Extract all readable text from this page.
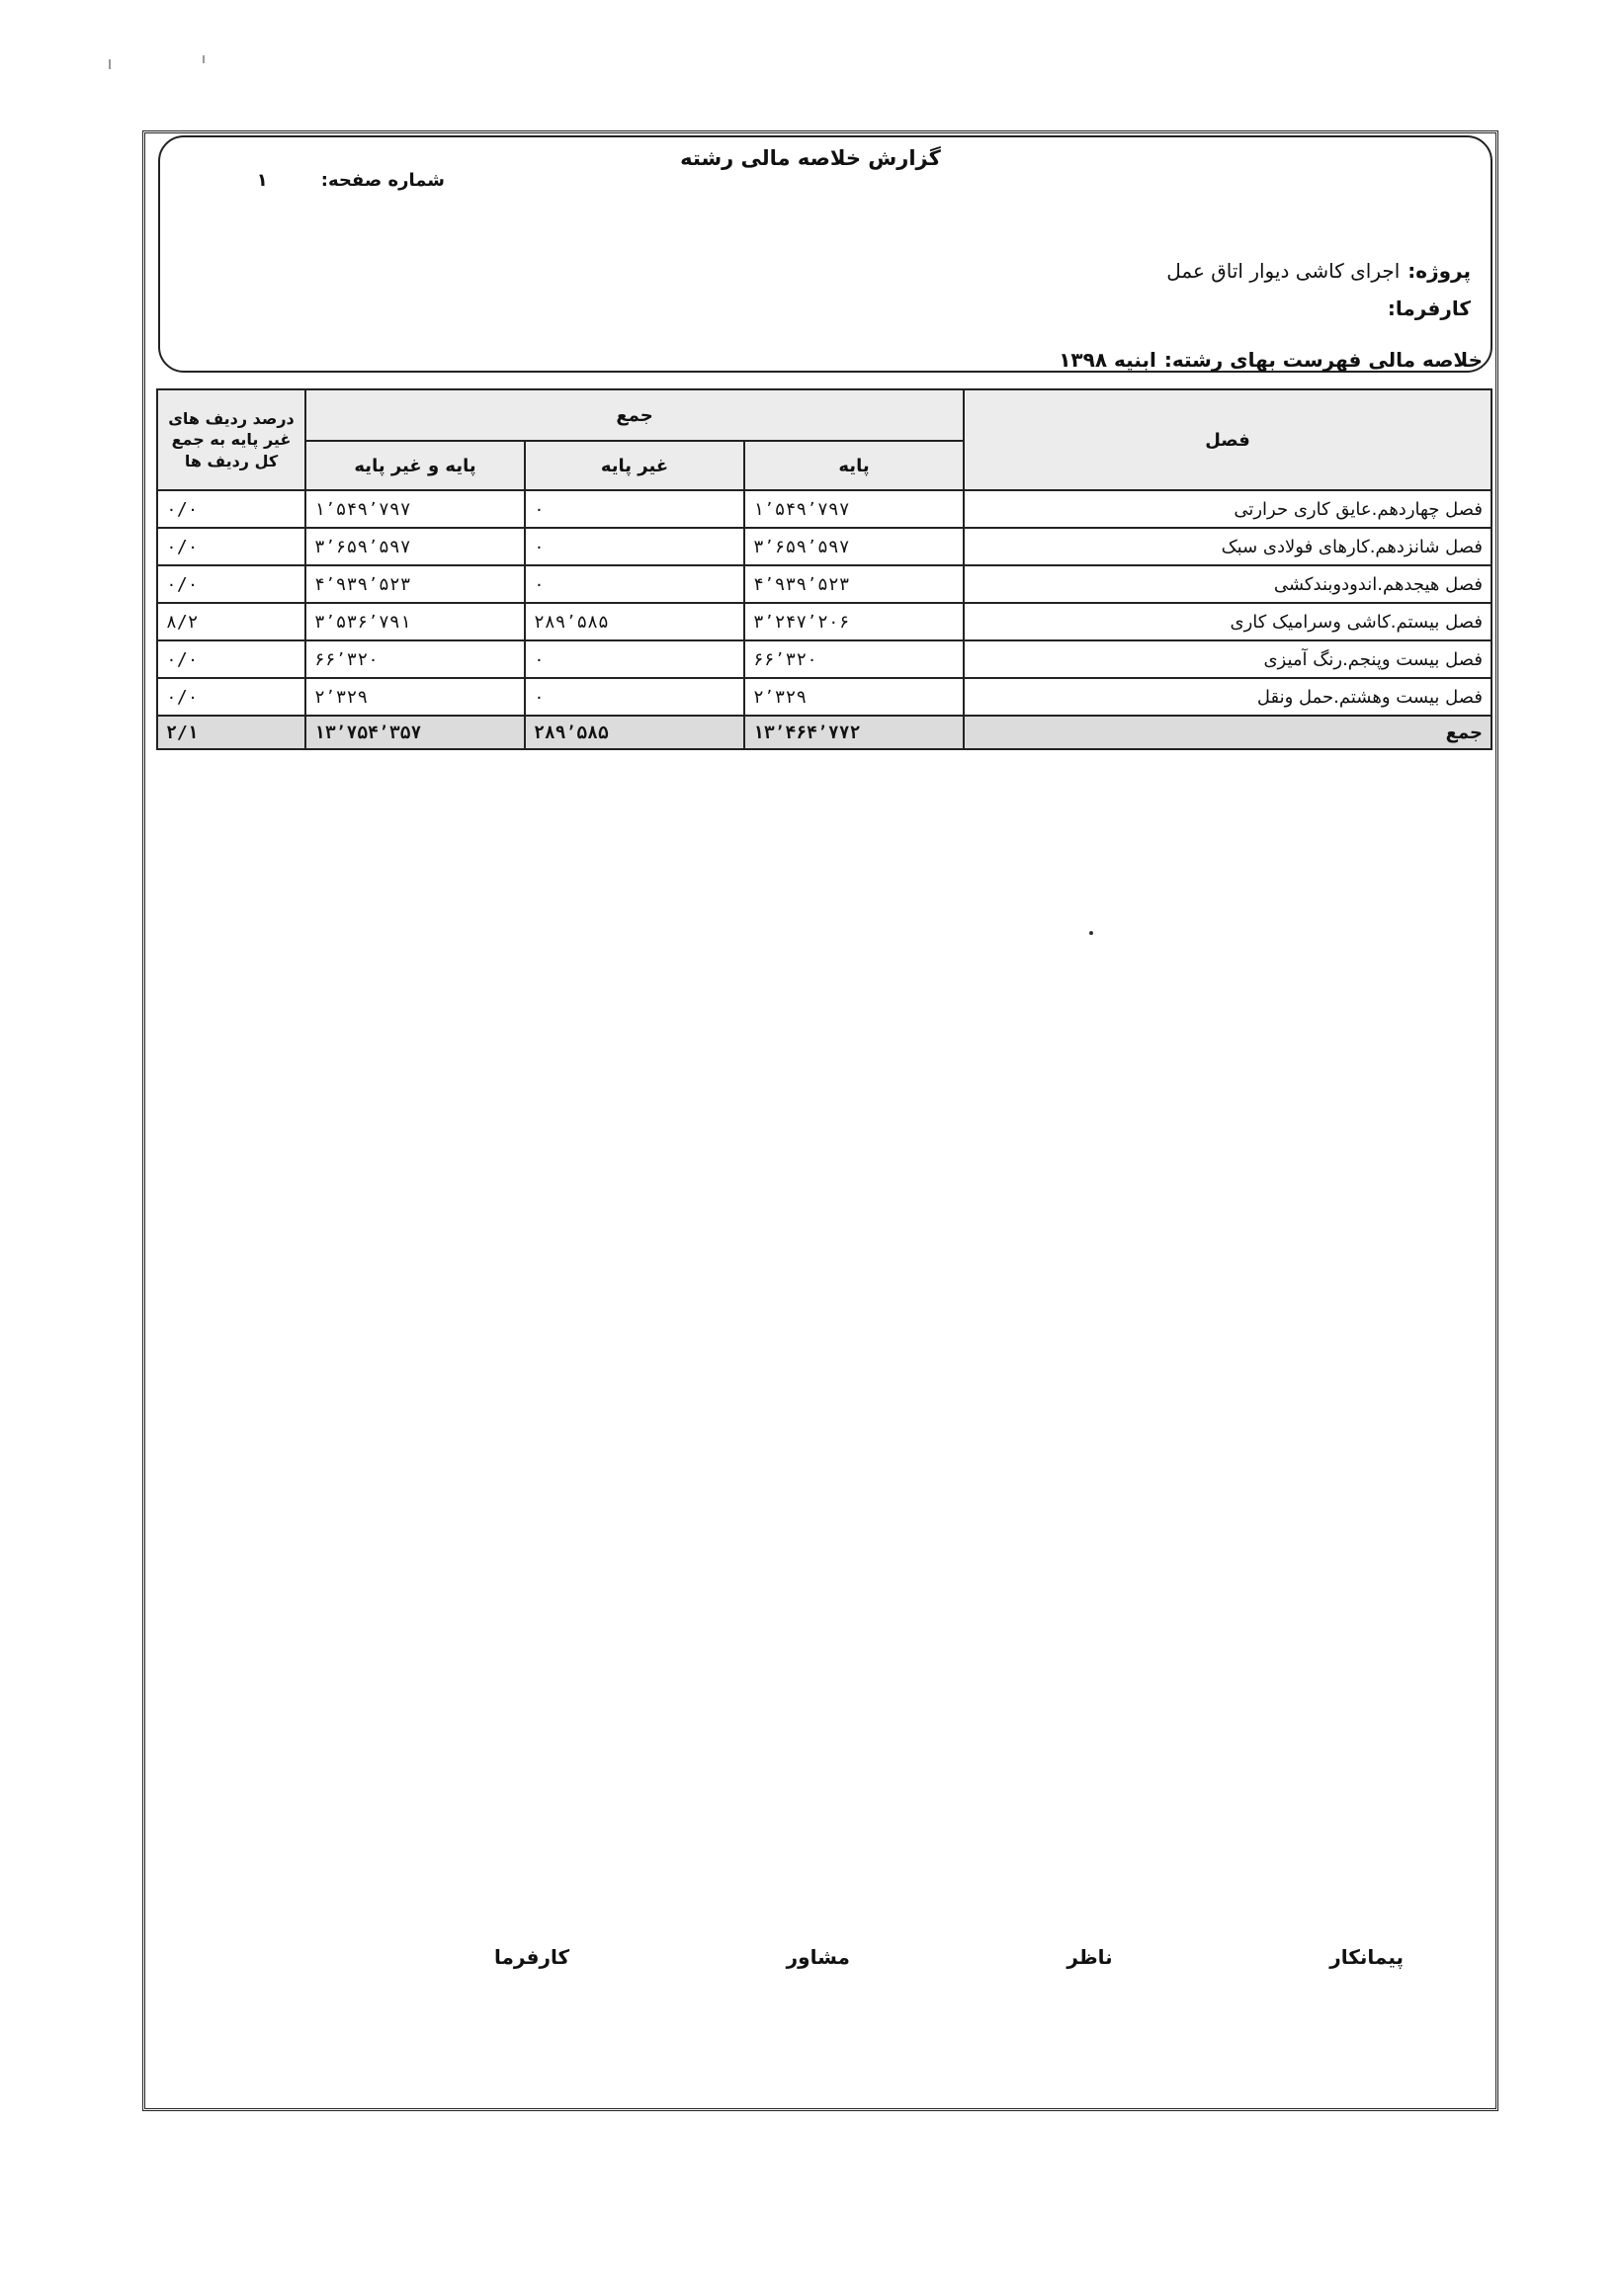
گزارش خلاصه مالی رشته
شماره صفحه:
۱
پروژه:
اجرای کاشی دیوار اتاق عمل
کارفرما:
خلاصه مالی فهرست بهای رشته:
ابنیه ۱۳۹۸
فصل	جمع			درصد ردیف های غیر پایه به جمع کل ردیف ها
	پایه	غیر پایه	پایه و غیر پایه	
فصل چهاردهم.عایق کاری حرارتی	۱٬۵۴۹٬۷۹۷	۰	۱٬۵۴۹٬۷۹۷	۰/۰
فصل شانزدهم.کارهای فولادی سبک	۳٬۶۵۹٬۵۹۷	۰	۳٬۶۵۹٬۵۹۷	۰/۰
فصل هیجدهم.اندودوبندکشی	۴٬۹۳۹٬۵۲۳	۰	۴٬۹۳۹٬۵۲۳	۰/۰
فصل بیستم.کاشی وسرامیک کاری	۳٬۲۴۷٬۲۰۶	۲۸۹٬۵۸۵	۳٬۵۳۶٬۷۹۱	۸/۲
فصل بیست وپنجم.رنگ آمیزی	۶۶٬۳۲۰	۰	۶۶٬۳۲۰	۰/۰
فصل بیست وهشتم.حمل ونقل	۲٬۳۲۹	۰	۲٬۳۲۹	۰/۰
جمع	۱۳٬۴۶۴٬۷۷۲	۲۸۹٬۵۸۵	۱۳٬۷۵۴٬۳۵۷	۲/۱
پیمانکار
ناظر
مشاور
کارفرما
